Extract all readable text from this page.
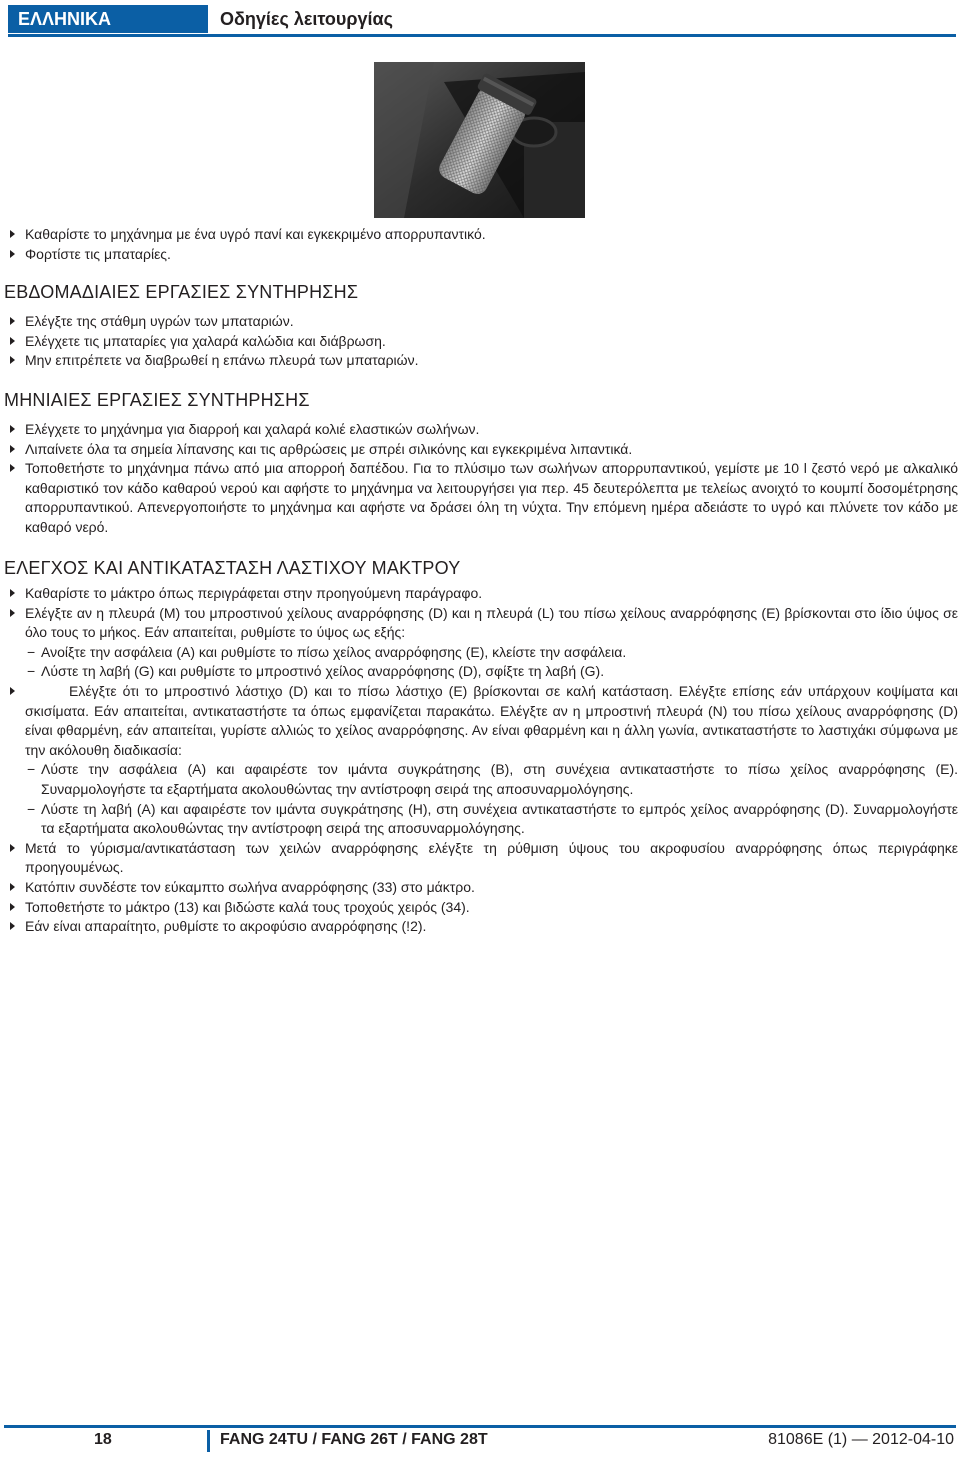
ΕΛΛΗΝΙΚΑ	Οδηγίες λειτουργίας
Καθαρίστε το μηχάνημα με ένα υγρό πανί και εγκεκριμένο απορρυπαντικό.
Φορτίστε τις μπαταρίες.
ΕΒΔΟΜΑΔΙΑΙΕΣ ΕΡΓΑΣΙΕΣ ΣΥΝΤΗΡΗΣΗΣ
Ελέγξτε της στάθμη υγρών των μπαταριών.
Ελέγχετε τις μπαταρίες για χαλαρά καλώδια και διάβρωση.
Μην επιτρέπετε να διαβρωθεί η επάνω πλευρά των μπαταριών.
ΜΗΝΙΑΙΕΣ ΕΡΓΑΣΙΕΣ ΣΥΝΤΗΡΗΣΗΣ
Ελέγχετε το μηχάνημα για διαρροή και χαλαρά κολιέ ελαστικών σωλήνων.
Λιπαίνετε όλα τα σημεία λίπανσης και τις αρθρώσεις με σπρέι σιλικόνης και εγκεκριμένα λιπαντικά.
Τοποθετήστε το μηχάνημα πάνω από μια απορροή δαπέδου. Για το πλύσιμο των σωλήνων απορρυπαντικού, γεμίστε με 10 l ζεστό νερό με αλκαλικό καθαριστικό τον κάδο καθαρού νερού και αφήστε το μηχάνημα να λειτουργήσει για περ. 45 δευτερόλεπτα με τελείως ανοιχτό το κουμπί δοσομέτρησης απορρυπαντικού. Απενεργοποιήστε το μηχάνημα και αφήστε να δράσει όλη τη νύχτα. Την επόμενη ημέρα αδειάστε το υγρό και πλύνετε τον κάδο με καθαρό νερό.
ΕΛΕΓΧΟΣ ΚΑΙ ΑΝΤΙΚΑΤΑΣΤΑΣΗ ΛΑΣΤΙΧΟΥ ΜΑΚΤΡΟΥ
Καθαρίστε το μάκτρο όπως περιγράφεται στην προηγούμενη παράγραφο.
Ελέγξτε αν η πλευρά (M) του μπροστινού χείλους αναρρόφησης (D) και η πλευρά (L) του πίσω χείλους αναρρόφησης (E) βρίσκονται στο ίδιο ύψος σε όλο τους το μήκος. Εάν απαιτείται, ρυθμίστε το ύψος ως εξής:
− Ανοίξτε την ασφάλεια (A) και ρυθμίστε το πίσω χείλος αναρρόφησης (E), κλείστε την ασφάλεια.
− Λύστε τη λαβή (G) και ρυθμίστε το μπροστινό χείλος αναρρόφησης (D), σφίξτε τη λαβή (G).
Ελέγξτε ότι το μπροστινό λάστιχο (D) και το πίσω λάστιχο (E) βρίσκονται σε καλή κατάσταση. Ελέγξτε επίσης εάν υπάρχουν κοψίματα και σκισίματα. Εάν απαιτείται, αντικαταστήστε τα όπως εμφανίζεται παρακάτω. Ελέγξτε αν η μπροστινή πλευρά (N) του πίσω χείλους αναρρόφησης (D) είναι φθαρμένη, εάν απαιτείται, γυρίστε αλλιώς το χείλος αναρρόφησης. Αν είναι φθαρμένη και η άλλη γωνία, αντικαταστήστε το λαστιχάκι σύμφωνα με την ακόλουθη διαδικασία:
− Λύστε την ασφάλεια (A) και αφαιρέστε τον ιμάντα συγκράτησης (B), στη συνέχεια αντικαταστήστε το πίσω χείλος αναρρόφησης (E). Συναρμολογήστε τα εξαρτήματα ακολουθώντας την αντίστροφη σειρά της αποσυναρμολόγησης.
− Λύστε τη λαβή (A) και αφαιρέστε τον ιμάντα συγκράτησης (H), στη συνέχεια αντικαταστήστε το εμπρός χείλος αναρρόφησης (D). Συναρμολογήστε τα εξαρτήματα ακολουθώντας την αντίστροφη σειρά της αποσυναρμολόγησης.
Μετά το γύρισμα/αντικατάσταση των χειλών αναρρόφησης ελέγξτε τη ρύθμιση ύψους του ακροφυσίου αναρρόφησης όπως περιγράφηκε προηγουμένως.
Κατόπιν συνδέστε τον εύκαμπτο σωλήνα αναρρόφησης (33) στο μάκτρο.
Τοποθετήστε το μάκτρο (13) και βιδώστε καλά τους τροχούς χειρός (34).
Εάν είναι απαραίτητο, ρυθμίστε το ακροφύσιο αναρρόφησης (!2).
18	FANG 24TU / FANG 26T / FANG 28T	81086E (1) — 2012-04-10
